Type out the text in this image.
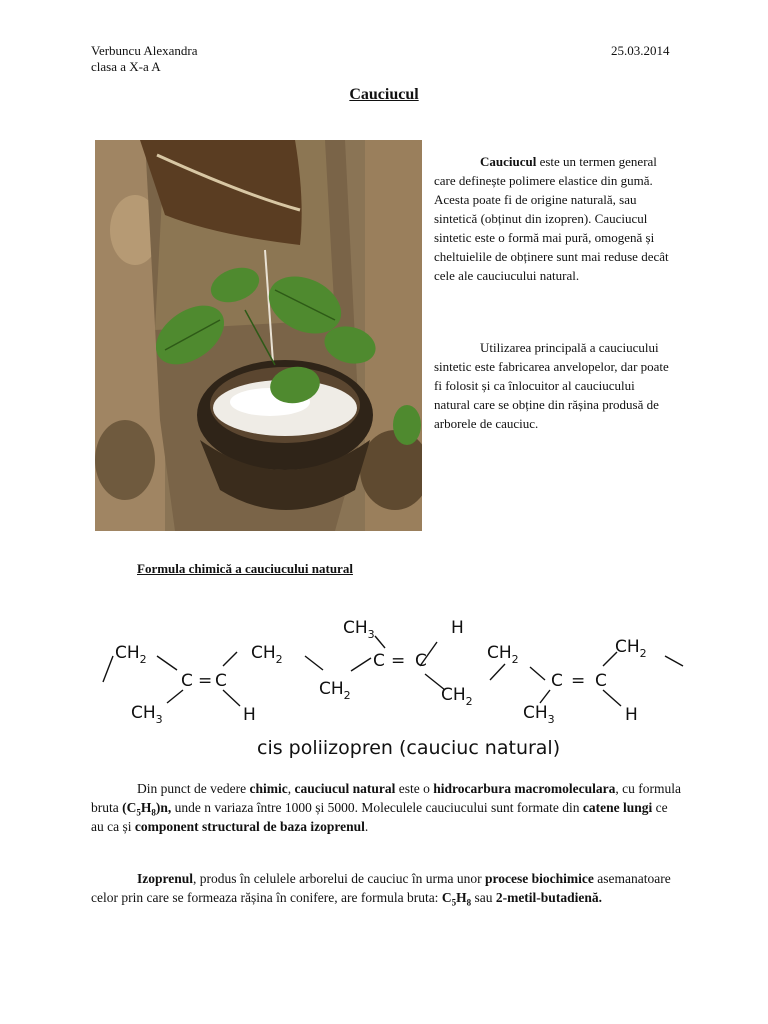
Verbuncu Alexandra
clasa a X-a A
25.03.2014
Cauciucul
Cauciucul este un termen general care definește polimere elastice din gumă. Acesta poate fi de origine naturală, sau sintetică (obținut din izopren). Cauciucul sintetic este o formă mai pură, omogenă și cheltuielile de obținere sunt mai reduse decât cele ale cauciucului natural.
Utilizarea principală a cauciucului sintetic este fabricarea anvelopelor, dar poate fi folosit și ca înlocuitor al cauciucului natural care se obține din rășina produsă de arborele de cauciuc.
Formula chimică a cauciucului natural
$CH_2$
C = C
$CH_3$	H
$CH_2$
$CH_2$
$CH_3$
C = C
H
$CH_2$
$CH_2$
C = C
$CH_3$	H
$CH_2$
cis poliizopren (cauciuc natural)
Din punct de vedere chimic, cauciucul natural este o hidrocarbura macromoleculara, cu formula bruta $(C_5H_8)n$, unde n variaza între 1000 și 5000. Moleculele cauciucului sunt formate din catene lungi ce au ca și component structural de baza izoprenul.
Izoprenul, produs în celulele arborelui de cauciuc în urma unor procese biochimice asemanatoare celor prin care se formeaza rășina în conifere, are formula bruta: $C_5H_8$ sau 2-metil-butadienă.
